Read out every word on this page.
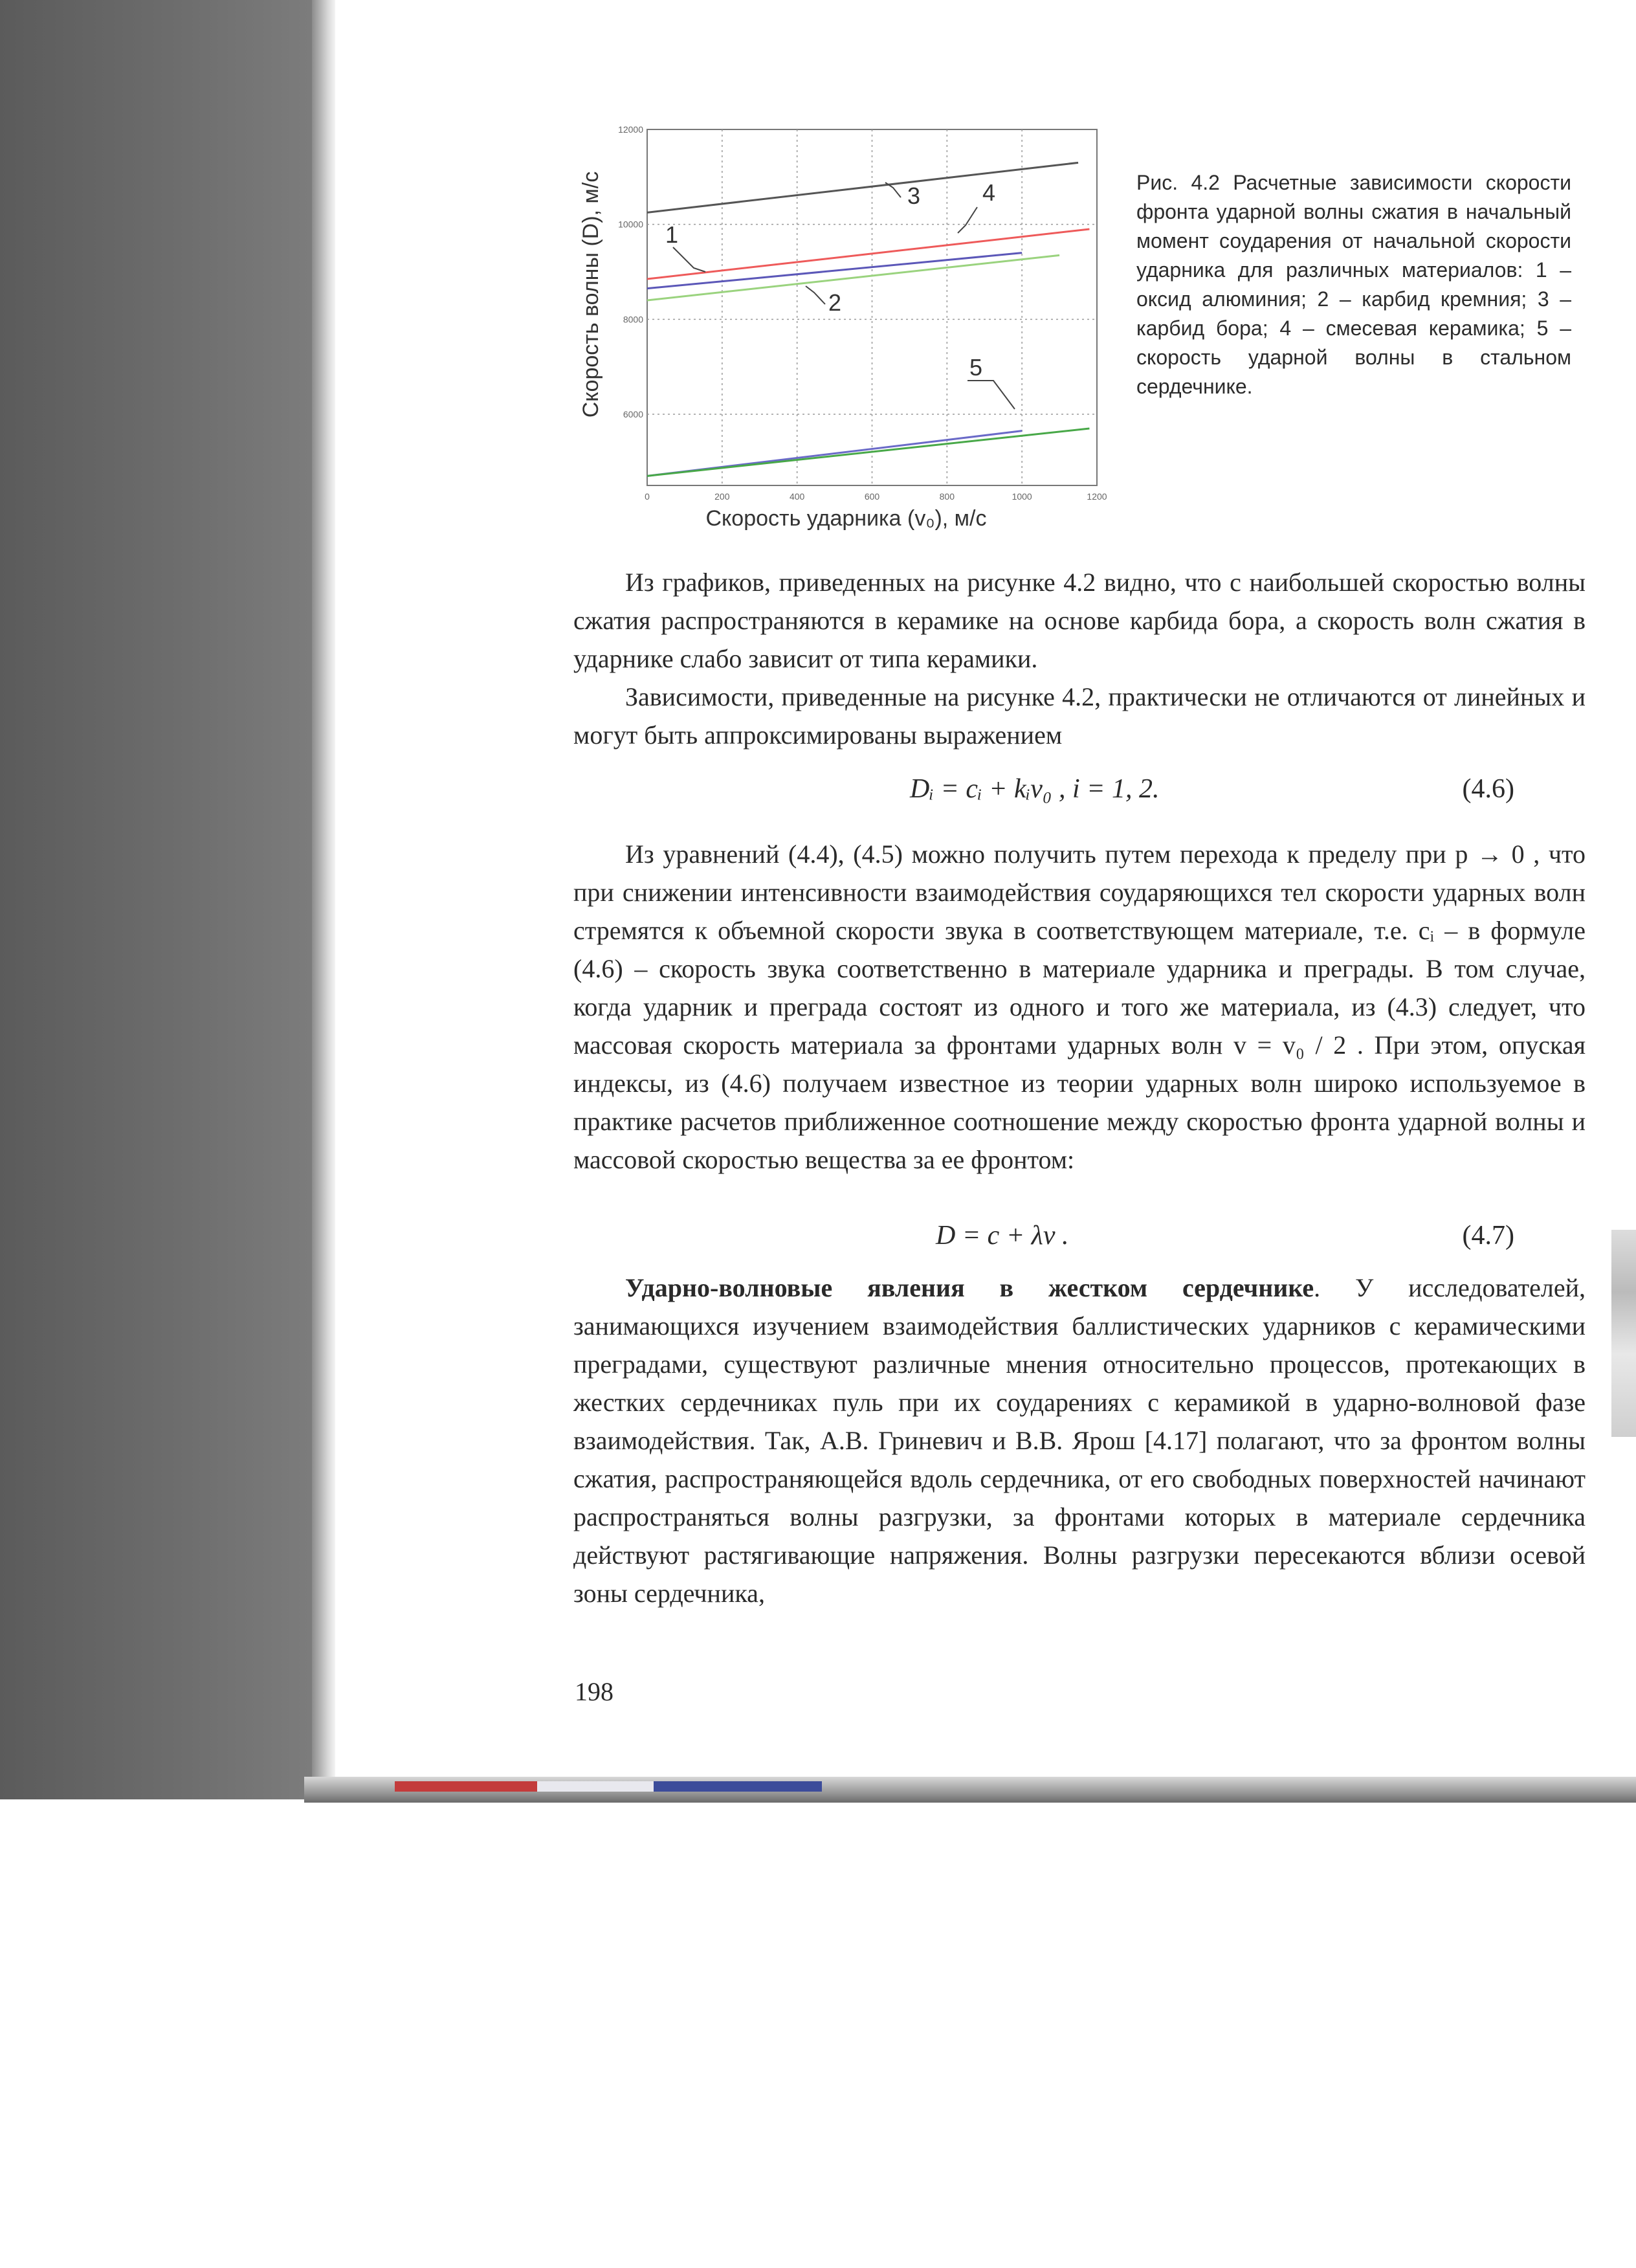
0	200	400	600	800	1000	1200
6000
8000
10000
12000
1
2
3	4
5
Скорость ударника (v₀), м/с
Скорость волны (D), м/с	Рис. 4.2 Расчетные зависимости скорости фронта ударной волны сжатия в начальный момент соударения от начальной скорости ударника для различных материалов: 1 – оксид алюминия; 2 – карбид кремния; 3 – карбид бора; 4 – смесевая керамика; 5 – скорость ударной волны в стальном сердечнике.

Из графиков, приведенных на рисунке 4.2 видно, что с наибольшей скоростью волны сжатия распространяются в керамике на основе карбида бора, а скорость волн сжатия в ударнике слабо зависит от типа керамики.

Зависимости, приведенные на рисунке 4.2, практически не отличаются от линейных и могут быть аппроксимированы выражением

Dᵢ = cᵢ + kᵢv₀ , i = 1, 2.	(4.6)

Из уравнений (4.4), (4.5) можно получить путем перехода к пределу при p → 0 , что при снижении интенсивности взаимодействия соударяющихся тел скорости ударных волн стремятся к объемной скорости звука в соответствующем материале, т.е. cᵢ – в формуле (4.6) – скорость звука соответственно в материале ударника и преграды. В том случае, когда ударник и преграда состоят из одного и того же материала, из (4.3) следует, что массовая скорость материала за фронтами ударных волн v = v₀ / 2 . При этом, опуская индексы, из (4.6) получаем известное из теории ударных волн широко используемое в практике расчетов приближенное соотношение между скоростью фронта ударной волны и массовой скоростью вещества за ее фронтом:

D = c + λv .	(4.7)

Ударно-волновые явления в жестком сердечнике. У исследователей, занимающихся изучением взаимодействия баллистических ударников с керамическими преградами, существуют различные мнения относительно процессов, протекающих в жестких сердечниках пуль при их соударениях с керамикой в ударно-волновой фазе взаимодействия. Так, А.В. Гриневич и В.В. Ярош [4.17] полагают, что за фронтом волны сжатия, распространяющейся вдоль сердечника, от его свободных поверхностей начинают распространяться волны разгрузки, за фронтами которых в материале сердечника действуют растягивающие напряжения. Волны разгрузки пересекаются вблизи осевой зоны сердечника,

198
